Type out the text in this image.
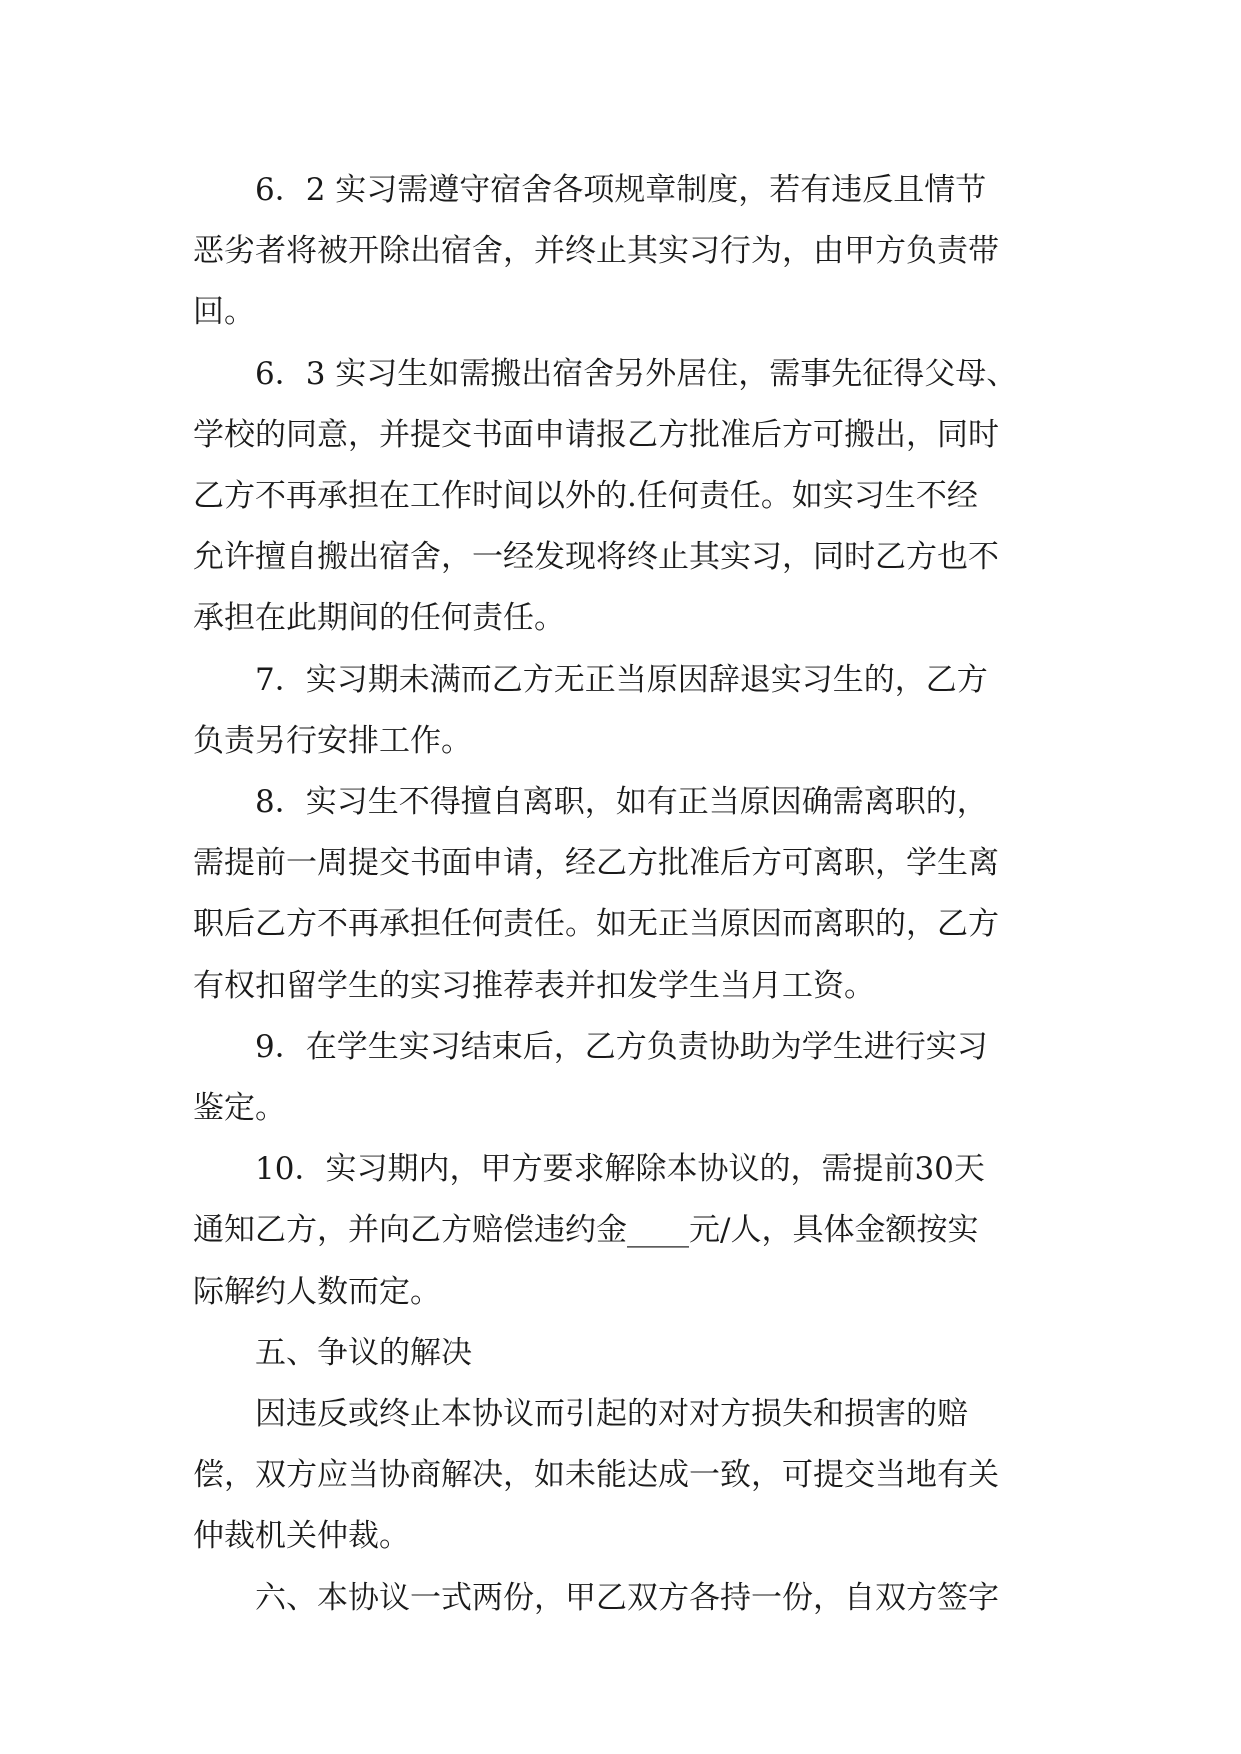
6．2 实习需遵守宿舍各项规章制度，若有违反且情节
恶劣者将被开除出宿舍，并终止其实习行为，由甲方负责带
回。

6．3 实习生如需搬出宿舍另外居住，需事先征得父母、
学校的同意，并提交书面申请报乙方批准后方可搬出，同时
乙方不再承担在工作时间以外的.任何责任。如实习生不经
允许擅自搬出宿舍，一经发现将终止其实习，同时乙方也不
承担在此期间的任何责任。

7．实习期未满而乙方无正当原因辞退实习生的，乙方
负责另行安排工作。

8．实习生不得擅自离职，如有正当原因确需离职的，
需提前一周提交书面申请，经乙方批准后方可离职，学生离
职后乙方不再承担任何责任。如无正当原因而离职的，乙方
有权扣留学生的实习推荐表并扣发学生当月工资。

9．在学生实习结束后，乙方负责协助为学生进行实习
鉴定。

10．实习期内，甲方要求解除本协议的，需提前30天
通知乙方，并向乙方赔偿违约金____元/人，具体金额按实
际解约人数而定。

五、争议的解决

因违反或终止本协议而引起的对对方损失和损害的赔
偿，双方应当协商解决，如未能达成一致，可提交当地有关
仲裁机关仲裁。

六、本协议一式两份，甲乙双方各持一份，自双方签字
